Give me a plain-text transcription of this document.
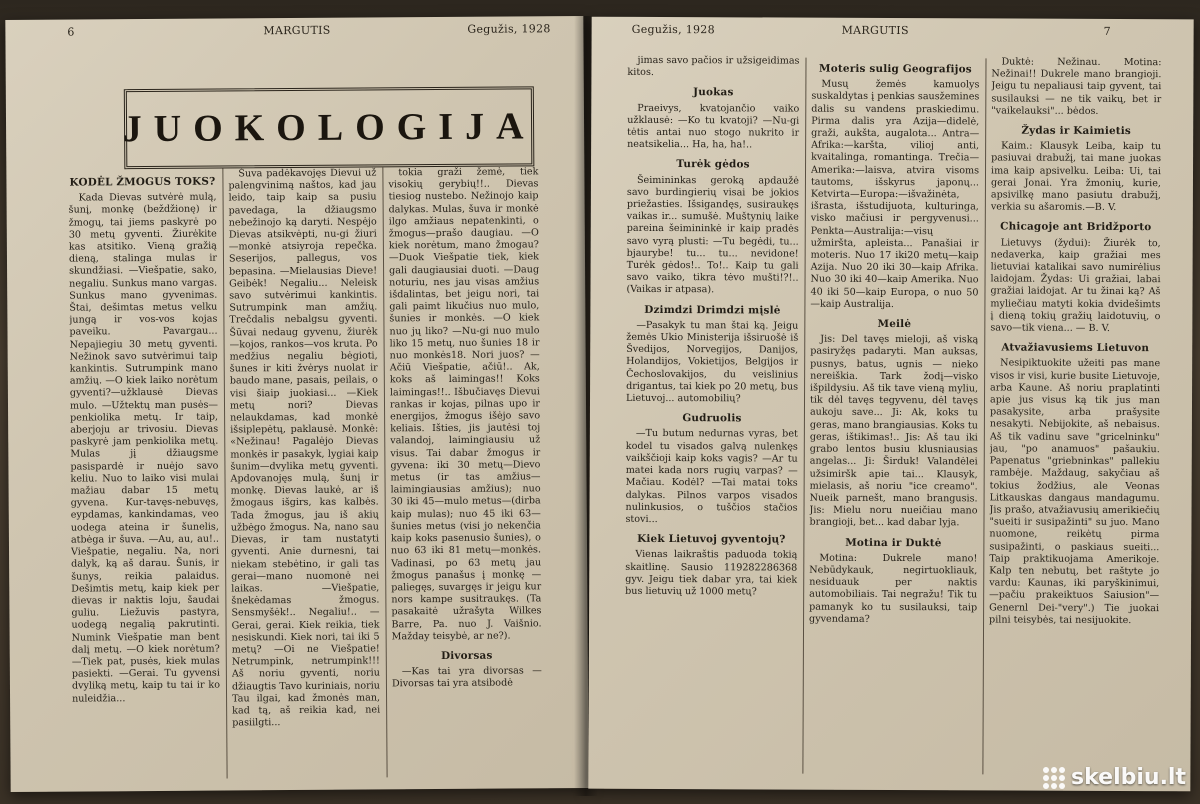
6	MARGUTIS	Gegužis, 1928
JUOKOLOGIJA
KODĖL ŽMOGUS TOKS?

Kada Dievas sutvėrė mulą, šunį, monkę (beždžionę) ir žmogų, tai jiems paskyrė po 30 metų gyventi. Žiurėkite kas atsitiko. Vieną gražią dieną, stalinga mulas ir skundžiasi. —Viešpatie, sako, negaliu. Sunkus mano vargas. Sunkus mano gyvenimas. Štai, dešimtas metus velku jungą ir vos-vos kojas paveiku. Pavargau... Nepajiegiu 30 metų gyventi. Nežinok savo sutvėrimui taip kankintis. Sutrumpink mano amžių. —O kiek laiko norėtum gyventi?—užklausė Dievas mulo. —Užtektų man pusės—penkiolika metų. Ir taip, aberjoju ar trivosiu. Dievas paskyrė jam penkiolika metų. Mulas jį džiaugsme pasispardė ir nuėjo savo keliu. Nuo to laiko visi mulai mažiau dabar 15 metų gyvena. Kur-tavęs-nebuvęs, eypdamas, kankindamas, veo uodega ateina ir šunelis, atbėga ir šuva. —Au, au, au!.. Viešpatie, negaliu. Na, nori dalyk, ką aš darau. Šunis, ir šunys, reikia palaidus. Dešimtis metų, kaip kiek per dievas ir naktis loju, šaudai guliu. Liežuvis pastyra, uodegą negalią pakrutinti. Numink Viešpatie man bent dalį metų. —O kiek norėtum? —Tiek pat, pusės, kiek mulas pasiekti. —Gerai. Tu gyvensi dvyliką metų, kaip tu tai ir ko nuleidžia...

Šuva padėkavojęs Dievui už palengvinimą naštos, kad jau leido, taip kaip sa pusiu pavedaga, la džiaugsmo nebežinojo ką daryti. Nespėjo Dievas atsikvėpti, nu-gi žiuri—monkė atsiyroja repečka. Seserijos, pallegus, vos bepasina. —Mielausias Dieve! Geibėk! Negaliu... Neleisk savo sutvėrimui kankintis. Sutrumpink man amžių. Trečdalis nebalgsu gyventi. Šūvai nedaug gyvenu, žiurėk—kojos, rankos—vos kruta. Po medžius negaliu bėgioti, šunes ir kiti žvėrys nuolat ir baudo mane, pasais, peilais, o visi šiaip juokiasi... —Kiek metų nori? Dievas nelaukdamas, kad monkė išsiplepėtų, paklausė. Monkė: «Nežinau! Pagalėjo Dievas monkės ir pasakyk, lygiai kaip šunim—dvylika metų gyventi. Apdovanojęs mulą, šunį ir monkę. Dievas laukė, ar iš žmogaus išgirs, kas kalbės. Tada žmogus, jau iš akių užbėgo žmogus. Na, nano sau Dievas, ir tam nustatyti gyventi. Anie durnesni, tai niekam stebėtino, ir gali tas gerai—mano nuomonė nei laikas. —Viešpatie, šnekėdamas žmogus. Sensmyšėk!.. Negaliu!.. —Gerai, gerai. Kiek reikia, tiek nesiskundi. Kiek nori, tai iki 5 metų? —Oi ne Viešpatie! Netrumpink, netrumpink!!! Aš noriu gyventi, noriu džiaugtis Tavo kuriniais, noriu Tau ilgai, kad žmonės man, kad tą, aš reikia kad, nei pasiilgti...

tokia graži žemė, tiek visokių gerybių!!.. Dievas tiesiog nustebo. Nežinojo kaip dalykas. Mulas, šuva ir monkė ilgo amžiaus nepatenkinti, o žmogus—prašo daugiau. —O kiek norėtum, mano žmogau? —Duok Viešpatie tiek, kiek gali daugiausiai duoti. —Daug noturiu, nes jau visas amžius išdalintas, bet jeigu nori, tai gali paimt likučius nuo mulo, šunies ir monkės. —O kiek nuo jų liko? —Nu-gi nuo mulo liko 15 metų, nuo šunies 18 ir nuo monkės18. Nori juos? —Ačiū Viešpatie, ačiū!.. Ak, koks aš laimingas!! Koks laimingas!!.. Išbučiavęs Dievui rankas ir kojas, pilnas upo ir energijos, žmogus išėjo savo keliais. Išties, jis jautėsi toj valandoj, laimingiausiu už visus. Tai dabar žmogus ir gyvena: iki 30 metų—Dievo metus (ir tas amžius—laimingiausias amžius); nuo 30 iki 45—mulo metus—(dirba kaip mulas); nuo 45 iki 63—šunies metus (visi jo nekenčia kaip koks pasenusio šunies), o nuo 63 iki 81 metų—monkės. Vadinasi, po 63 metų jau žmogus panašus į monkę — paliegęs, suvargęs ir jeigu kur nors kampe susitraukęs. (Ta pasakaitė užrašyta Wilkes Barre, Pa. nuo J. Vaišnio. Mažday teisybė, ar ne?).

Divorsas

—Kas tai yra divorsas —Divorsas tai yra atsibodė

Gegužis, 1928	MARGUTIS	7

jimas savo pačios ir užsigeidimas kitos.

Juokas

Praeivys, kvatojančio vaiko užklausė: —Ko tu kvatoji? —Nu-gi tėtis antai nuo stogo nukrito ir neatsikelia... Ha, ha, ha!..

Turėk gėdos

Šeimininkas geroką apdaužė savo burdingierių visai be jokios priežasties. Išsigandęs, susiraukęs vaikas ir... sumušė. Muštynių laike pareina šeimininkė ir kaip pradės savo vyrą plusti: —Tu begėdi, tu... bjaurybe! tu... tu... nevidone! Turėk gėdos!.. To!.. Kaip tu gali savo vaiko, tikra tėvo mušti!?!.. (Vaikas ir atpasa).

Dzimdzi Drimdzi mįslė

—Pasakyk tu man štai ką. Jeigu žemės Ukio Ministerija išsiruošė iš Švedijos, Norvegijos, Danijos, Holandijos, Vokietijos, Belgijos ir Čechoslovakijos, du veislinius drigantus, tai kiek po 20 metų, bus Lietuvoj... automobilių?

Gudruolis

—Tu butum nedurnas vyras, bet kodel tu visados galvą nulenkęs vaikščioji kaip koks vagis? —Ar tu matei kada nors rugių varpas? —Mačiau. Kodėl? —Tai matai toks dalykas. Pilnos varpos visados nulinkusios, o tuščios stačios stovi...

Kiek Lietuvoj gyventojų?

Vienas laikraštis paduoda tokią skaitlinę. Sausio 119282286368 gyv. Jeigu tiek dabar yra, tai kiek bus lietuvių už 1000 metų?

Moteris sulig Geografijos

Musų žemės kamuolys suskaldytas į penkias sausžemines dalis su vandens praskiedimu. Pirma dalis yra Azija—didelė, graži, aukšta, augalota... Antra—Afrika:—karšta, vilioj anti, kvaitalinga, romantinga. Trečia—Amerika:—laisva, atvira visoms tautoms, išskyrus japonų... Ketvirta—Europa:—išvažinėta, išrasta, išstudijuota, kulturinga, visko mačiusi ir pergyvenusi... Penkta—Australija:—visų užmiršta, apleista... Panašiai ir moteris. Nuo 17 iki20 metų—kaip Azija. Nuo 20 iki 30—kaip Afrika. Nuo 30 iki 40—kaip Amerika. Nuo 40 iki 50—kaip Europa, o nuo 50—kaip Australija.

Meilė

Jis: Del tavęs mieloji, aš viską pasiryžęs padaryti. Man auksas, pusnys, batus, ugnis — nieko nereiškia. Tark žodį—visko išpildysiu. Aš tik tave vieną myliu, tik dėl tavęs tegyvenu, dėl tavęs aukoju save... Ji: Ak, koks tu geras, mano brangiausias. Koks tu geras, ištikimas!.. Jis: Aš tau iki grabo lentos busiu klusniausias angelas... Ji: Širduk! Valandėlei užsimiršk apie tai... Klausyk, mielasis, aš noriu "ice creamo". Nueik parnešt, mano brangusis. Jis: Mielu noru nueičiau mano brangioji, bet... kad dabar lyja.

Motina ir Duktė

Motina: Dukrele mano! Nebūdykauk, negirtuokliauk, nesiduauk per naktis automobiliais. Tai negražu! Tik tu pamanyk ko tu susilauksi, taip gyvendama?

Duktė: Nežinau. Motina: Nežinai!! Dukrele mano brangioji. Jeigu tu nepaliausi taip gyvent, tai susilauksi — ne tik vaikų, bet ir "vaikelauksi"... bėdos.

Žydas ir Kaimietis

Kaim.: Klausyk Leiba, kaip tu pasiuvai drabužį, tai mane juokas ima kaip apsivelku. Leiba: Ui, tai gerai Jonai. Yra žmonių, kurie, apsivilkę mano pasiutu drabužį, verkia su ašaromis.—B. V.

Chicagoje ant Bridžporto

Lietuvys (žydui): Žiurėk to, nedaverka, kaip gražiai mes lietuviai katalikai savo numirėlius laidojam. Žydas: Ui gražiai, labai gražiai laidojat. Ar tu žinai ką? Aš myliečiau matyti kokia dvidešimts į dieną tokių gražių laidotuvių, o savo—tik viena... — B. V.

Atvažiavusiems Lietuvon

Nesipiktuokite užeiti pas mane visos ir visi, kurie busite Lietuvoje, arba Kaune. Aš noriu praplatinti apie jus visus ką tik jus man pasakysite, arba prašysite nesakyti. Nebijokite, aš nebaisus. Aš tik vadinu save "gricelninku" jau, "po anamuos" pašaukiu. Papenatus "griebninkas" pallekiu rambėje. Maždaug, sakyčiau aš tokius žodžius, ale Veonas Litkauskas dangaus mandagumu. Jis prašo, atvažiavusių amerikiečių "sueiti ir susipažinti" su juo. Mano nuomone, reikėtų pirma susipažinti, o paskiaus sueiti... Taip praktikuojama Amerikoje. Kalp ten nebutų, bet raštyte jo vardu: Kaunas, iki paryškinimui, —pačiu prakeiktuos Saiusion"—Genernl Dei-"very".) Tie juokai pilni teisybės, tai nesijuokite.

skelbiu.lt
